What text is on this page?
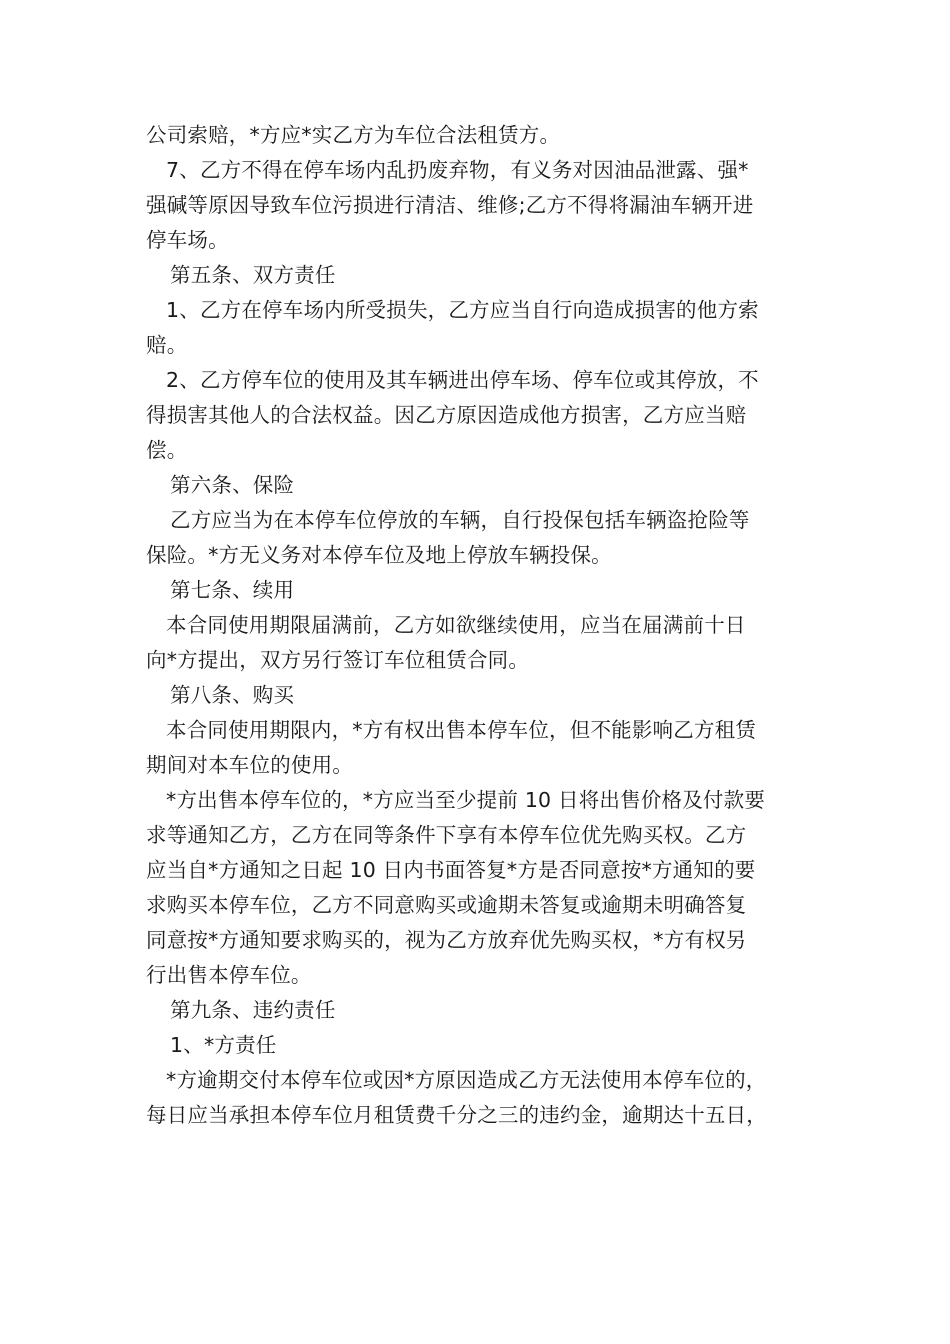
公司索赔，*方应*实乙方为车位合法租赁方。
7、乙方不得在停车场内乱扔废弃物，有义务对因油品泄露、强*
强碱等原因导致车位污损进行清洁、维修;乙方不得将漏油车辆开进
停车场。
第五条、双方责任
1、乙方在停车场内所受损失，乙方应当自行向造成损害的他方索
赔。
2、乙方停车位的使用及其车辆进出停车场、停车位或其停放，不
得损害其他人的合法权益。因乙方原因造成他方损害，乙方应当赔
偿。
第六条、保险
乙方应当为在本停车位停放的车辆，自行投保包括车辆盗抢险等
保险。*方无义务对本停车位及地上停放车辆投保。
第七条、续用
本合同使用期限届满前，乙方如欲继续使用，应当在届满前十日
向*方提出，双方另行签订车位租赁合同。
第八条、购买
本合同使用期限内，*方有权出售本停车位，但不能影响乙方租赁
期间对本车位的使用。
*方出售本停车位的，*方应当至少提前 10 日将出售价格及付款要
求等通知乙方，乙方在同等条件下享有本停车位优先购买权。乙方
应当自*方通知之日起 10 日内书面答复*方是否同意按*方通知的要
求购买本停车位，乙方不同意购买或逾期未答复或逾期未明确答复
同意按*方通知要求购买的，视为乙方放弃优先购买权，*方有权另
行出售本停车位。
第九条、违约责任
1、*方责任
*方逾期交付本停车位或因*方原因造成乙方无法使用本停车位的，
每日应当承担本停车位月租赁费千分之三的违约金，逾期达十五日，
